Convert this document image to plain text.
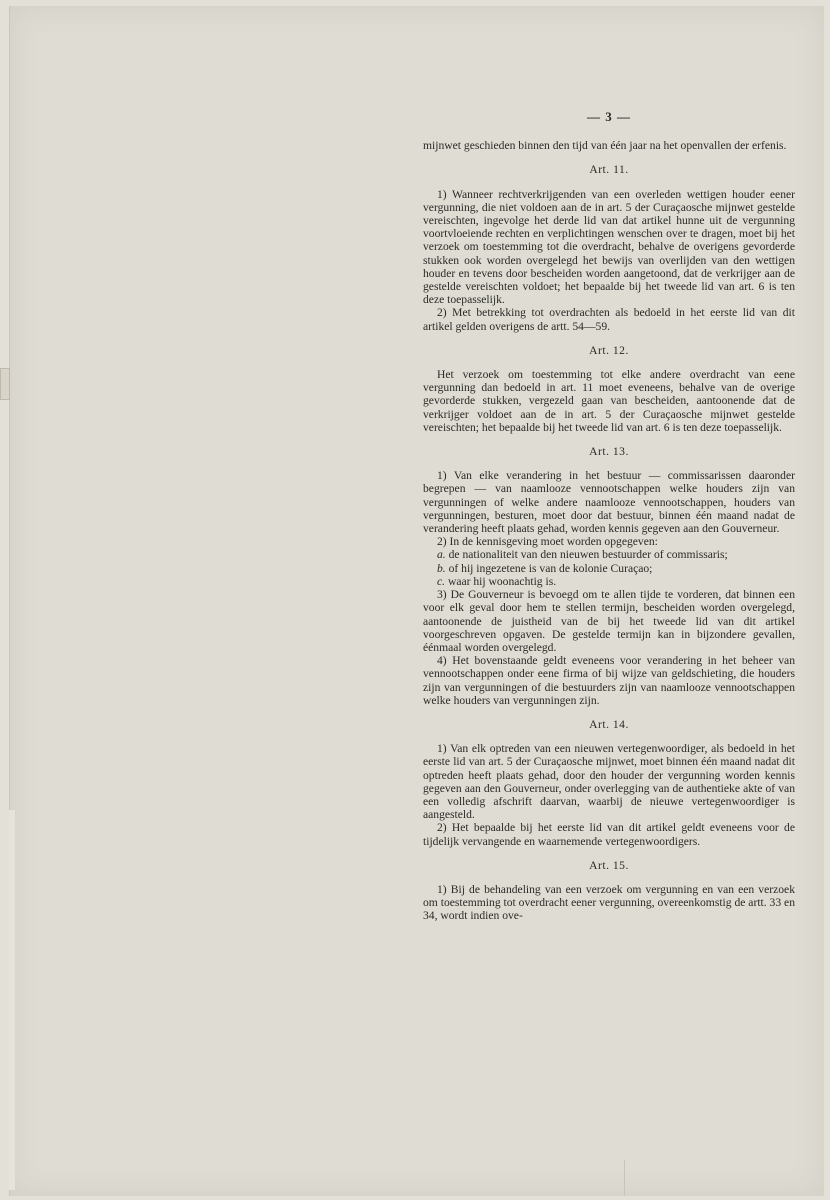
— 3 —

mijnwet geschieden binnen den tijd van één jaar na het openvallen der erfenis.

Art. 11.

1) Wanneer rechtverkrijgenden van een overleden wettigen houder eener vergunning, die niet voldoen aan de in art. 5 der Curaçaosche mijnwet gestelde vereischten, ingevolge het derde lid van dat artikel hunne uit de vergunning voortvloeiende rechten en verplichtingen wenschen over te dragen, moet bij het verzoek om toestemming tot die overdracht, behalve de overigens gevorderde stukken ook worden overgelegd het bewijs van overlijden van den wettigen houder en tevens door bescheiden worden aangetoond, dat de verkrijger aan de gestelde vereischten voldoet; het bepaalde bij het tweede lid van art. 6 is ten deze toepasselijk.

2) Met betrekking tot overdrachten als bedoeld in het eerste lid van dit artikel gelden overigens de artt. 54—59.

Art. 12.

Het verzoek om toestemming tot elke andere overdracht van eene vergunning dan bedoeld in art. 11 moet eveneens, behalve van de overige gevorderde stukken, vergezeld gaan van bescheiden, aantoonende dat de verkrijger voldoet aan de in art. 5 der Curaçaosche mijnwet gestelde vereischten; het bepaalde bij het tweede lid van art. 6 is ten deze toepasselijk.

Art. 13.

1) Van elke verandering in het bestuur — commissarissen daaronder begrepen — van naamlooze vennootschappen welke houders zijn van vergunningen of welke andere naamlooze vennootschappen, houders van vergunningen, besturen, moet door dat bestuur, binnen één maand nadat de verandering heeft plaats gehad, worden kennis gegeven aan den Gouverneur.

2) In de kennisgeving moet worden opgegeven:

a. de nationaliteit van den nieuwen bestuurder of commissaris;

b. of hij ingezetene is van de kolonie Curaçao;

c. waar hij woonachtig is.

3) De Gouverneur is bevoegd om te allen tijde te vorderen, dat binnen een voor elk geval door hem te stellen termijn, bescheiden worden overgelegd, aantoonende de juistheid van de bij het tweede lid van dit artikel voorgeschreven opgaven. De gestelde termijn kan in bijzondere gevallen, éénmaal worden overgelegd.

4) Het bovenstaande geldt eveneens voor verandering in het beheer van vennootschappen onder eene firma of bij wijze van geldschieting, die houders zijn van vergunningen of die bestuurders zijn van naamlooze vennootschappen welke houders van vergunningen zijn.

Art. 14.

1) Van elk optreden van een nieuwen vertegenwoordiger, als bedoeld in het eerste lid van art. 5 der Curaçaosche mijnwet, moet binnen één maand nadat dit optreden heeft plaats gehad, door den houder der vergunning worden kennis gegeven aan den Gouverneur, onder overlegging van de authentieke akte of van een volledig afschrift daarvan, waarbij de nieuwe vertegenwoordiger is aangesteld.

2) Het bepaalde bij het eerste lid van dit artikel geldt eveneens voor de tijdelijk vervangende en waarnemende vertegenwoordigers.

Art. 15.

1) Bij de behandeling van een verzoek om vergunning en van een verzoek om toestemming tot overdracht eener vergunning, overeenkomstig de artt. 33 en 34, wordt indien ove-
